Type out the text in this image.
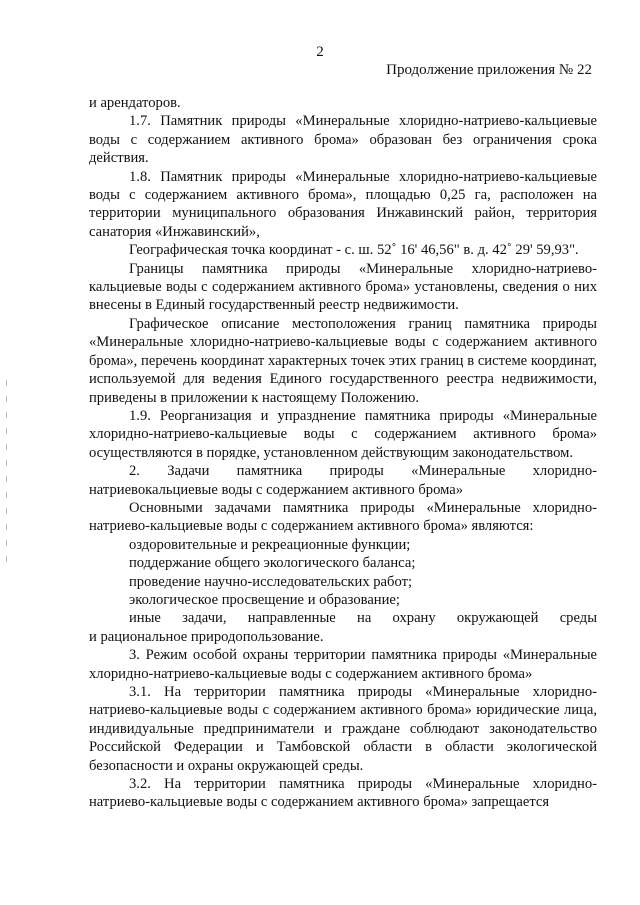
2
Продолжение приложения № 22

и арендаторов.

1.7. Памятник природы «Минеральные хлоридно-натриево-кальциевые воды с содержанием активного брома» образован без ограничения срока действия.

1.8. Памятник природы «Минеральные хлоридно-натриево-кальциевые воды с содержанием активного брома», площадью 0,25 га, расположен на территории муниципального образования Инжавинский район, территория санатория «Инжавинский»,

Географическая точка координат - с. ш. 52˚ 16' 46,56" в. д. 42˚ 29' 59,93".

Границы памятника природы «Минеральные хлоридно-натриево-кальциевые воды с содержанием активного брома» установлены, сведения о них внесены в Единый государственный реестр недвижимости.

Графическое описание местоположения границ памятника природы «Минеральные хлоридно-натриево-кальциевые воды с содержанием активного брома», перечень координат характерных точек этих границ в системе координат, используемой для ведения Единого государственного реестра недвижимости, приведены в приложении к настоящему Положению.

1.9. Реорганизация и упразднение памятника природы «Минеральные хлоридно-натриево-кальциевые воды с содержанием активного брома» осуществляются в порядке, установленном действующим законодательством.

2. Задачи памятника природы «Минеральные хлоридно-натриевокальциевые воды с содержанием активного брома»

Основными задачами памятника природы «Минеральные хлоридно-натриево-кальциевые воды с содержанием активного брома» являются:

оздоровительные и рекреационные функции;

поддержание общего экологического баланса;

проведение научно-исследовательских работ;

экологическое просвещение и образование;

иные задачи, направленные на охрану окружающей среды

и рациональное природопользование.

3. Режим особой охраны территории памятника природы «Минеральные хлоридно-натриево-кальциевые воды с содержанием активного брома»

3.1. На территории памятника природы «Минеральные хлоридно-натриево-кальциевые воды с содержанием активного брома» юридические лица, индивидуальные предприниматели и граждане соблюдают законодательство Российской Федерации и Тамбовской области в области экологической безопасности и охраны окружающей среды.

3.2. На территории памятника природы «Минеральные хлоридно-натриево-кальциевые воды с содержанием активного брома» запрещается
